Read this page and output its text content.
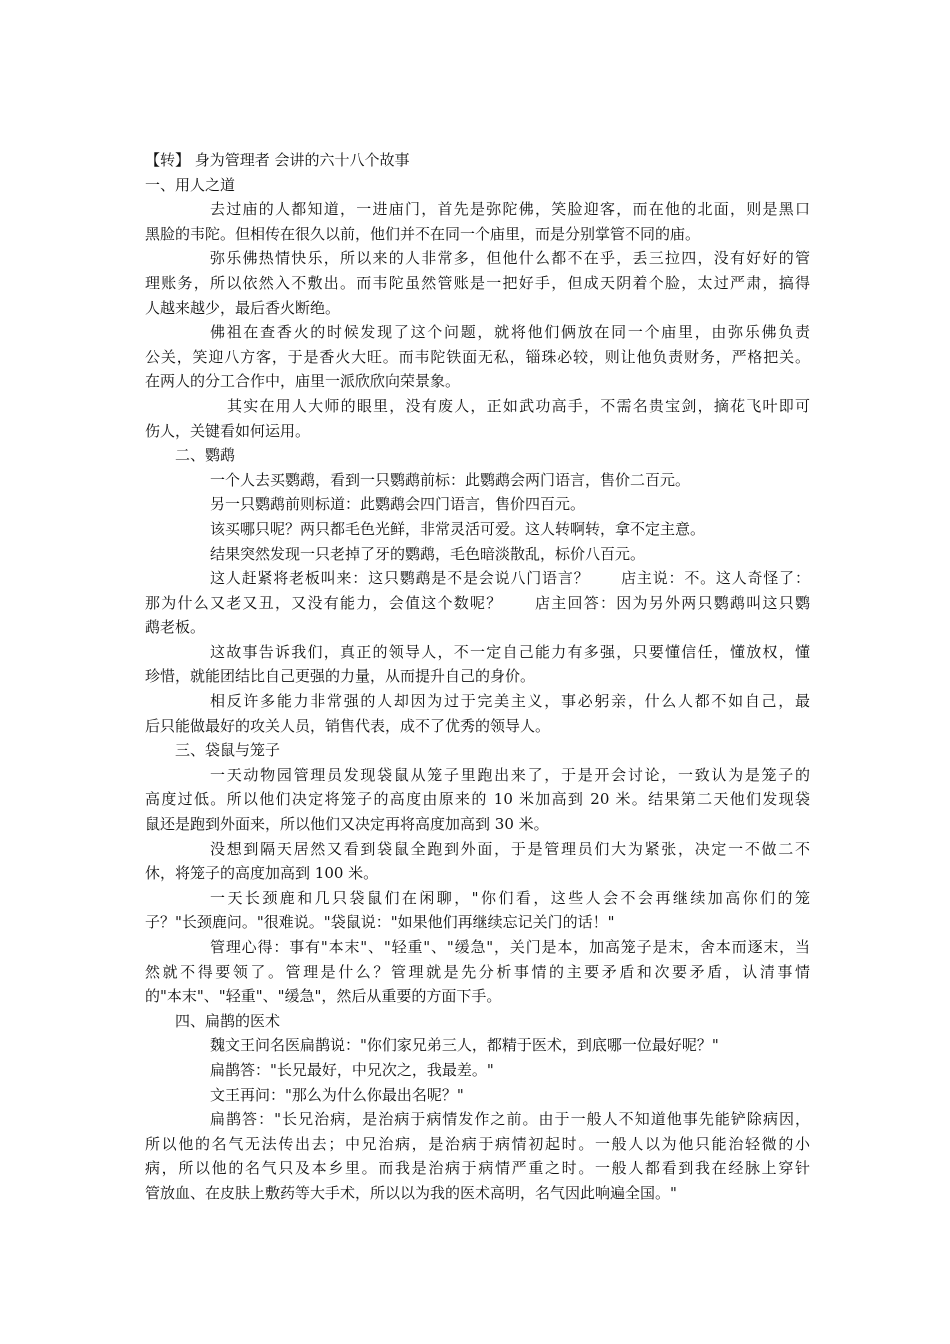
【转】 身为管理者 会讲的六十八个故事
一、用人之道
去过庙的人都知道，一进庙门，首先是弥陀佛，笑脸迎客，而在他的北面，则是黑口
黑脸的韦陀。但相传在很久以前，他们并不在同一个庙里，而是分别掌管不同的庙。
弥乐佛热情快乐，所以来的人非常多，但他什么都不在乎，丢三拉四，没有好好的管
理账务，所以依然入不敷出。而韦陀虽然管账是一把好手，但成天阴着个脸，太过严肃，搞得
人越来越少，最后香火断绝。
佛祖在查香火的时候发现了这个问题，就将他们俩放在同一个庙里，由弥乐佛负责
公关，笑迎八方客，于是香火大旺。而韦陀铁面无私，锱珠必较，则让他负责财务，严格把关。
在两人的分工合作中，庙里一派欣欣向荣景象。
其实在用人大师的眼里，没有废人，正如武功高手，不需名贵宝剑，摘花飞叶即可
伤人，关键看如何运用。
二、鹦鹉
一个人去买鹦鹉，看到一只鹦鹉前标：此鹦鹉会两门语言，售价二百元。
另一只鹦鹉前则标道：此鹦鹉会四门语言，售价四百元。
该买哪只呢？两只都毛色光鲜，非常灵活可爱。这人转啊转，拿不定主意。
结果突然发现一只老掉了牙的鹦鹉，毛色暗淡散乱，标价八百元。
这人赶紧将老板叫来：这只鹦鹉是不是会说八门语言？　　店主说：不。这人奇怪了：
那为什么又老又丑，又没有能力，会值这个数呢？　　店主回答：因为另外两只鹦鹉叫这只鹦
鹉老板。
这故事告诉我们，真正的领导人，不一定自己能力有多强，只要懂信任，懂放权，懂
珍惜，就能团结比自己更强的力量，从而提升自己的身价。
相反许多能力非常强的人却因为过于完美主义，事必躬亲，什么人都不如自己，最
后只能做最好的攻关人员，销售代表，成不了优秀的领导人。
三、袋鼠与笼子
一天动物园管理员发现袋鼠从笼子里跑出来了，于是开会讨论，一致认为是笼子的
高度过低。所以他们决定将笼子的高度由原来的 10 米加高到 20 米。结果第二天他们发现袋
鼠还是跑到外面来，所以他们又决定再将高度加高到 30 米。
没想到隔天居然又看到袋鼠全跑到外面，于是管理员们大为紧张，决定一不做二不
休，将笼子的高度加高到 100 米。
一天长颈鹿和几只袋鼠们在闲聊，"你们看，这些人会不会再继续加高你们的笼
子？"长颈鹿问。"很难说。"袋鼠说："如果他们再继续忘记关门的话！"
管理心得：事有"本末"、"轻重"、"缓急"，关门是本，加高笼子是末，舍本而逐末，当
然就不得要领了。管理是什么？管理就是先分析事情的主要矛盾和次要矛盾，认清事情
的"本末"、"轻重"、"缓急"，然后从重要的方面下手。
四、扁鹊的医术
魏文王问名医扁鹊说："你们家兄弟三人，都精于医术，到底哪一位最好呢？"
扁鹊答："长兄最好，中兄次之，我最差。"
文王再问："那么为什么你最出名呢？"
扁鹊答："长兄治病，是治病于病情发作之前。由于一般人不知道他事先能铲除病因，
所以他的名气无法传出去；中兄治病，是治病于病情初起时。一般人以为他只能治轻微的小
病，所以他的名气只及本乡里。而我是治病于病情严重之时。一般人都看到我在经脉上穿针
管放血、在皮肤上敷药等大手术，所以以为我的医术高明，名气因此响遍全国。"
